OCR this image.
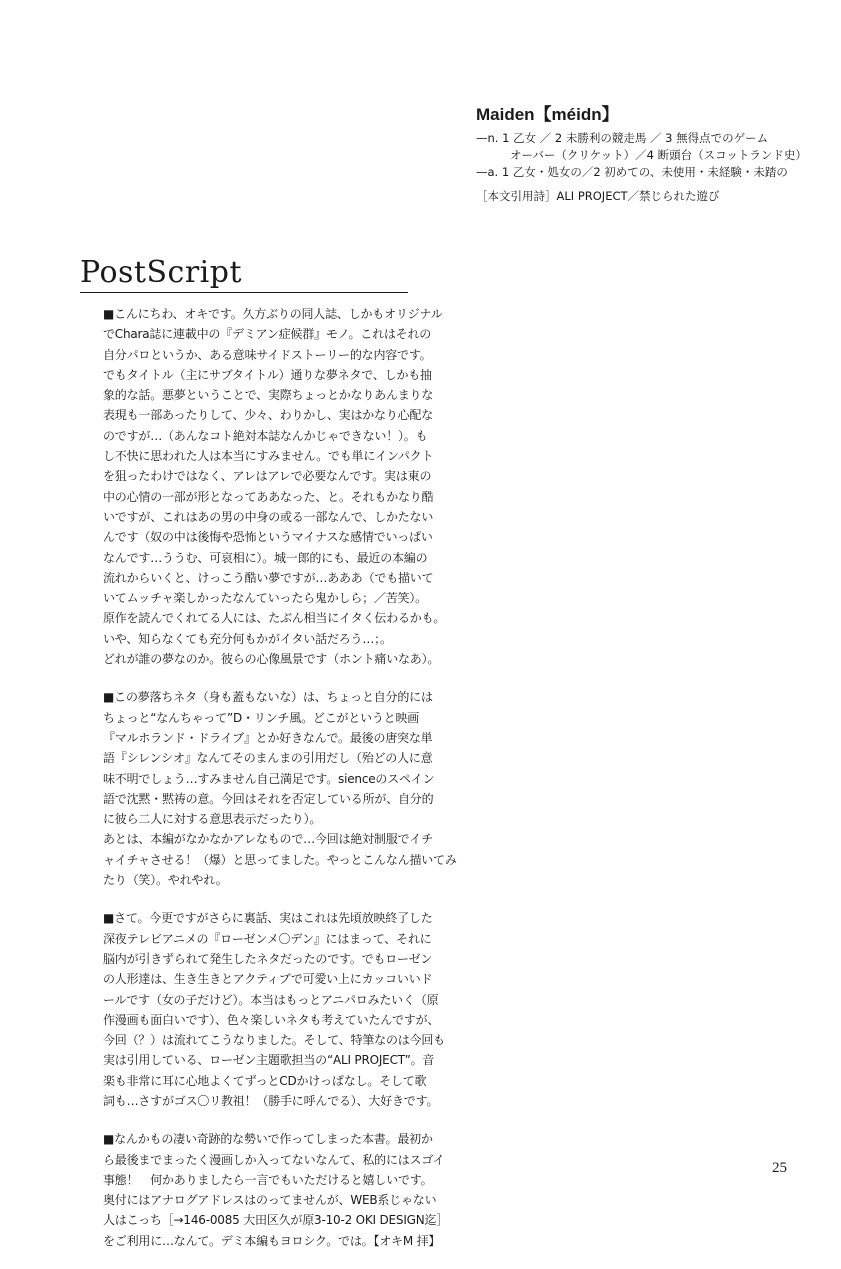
Maiden【méidn】
—n. 1 乙女 ／ 2 未勝利の競走馬 ／ 3 無得点でのゲーム
オーバー（クリケット）／4 断頭台（スコットランド史）
—a. 1 乙女・処女の／2 初めての、未使用・未経験・未踏の
［本文引用詩］ALI PROJECT／禁じられた遊び
PostScript
■こんにちわ、オキです。久方ぶりの同人誌、しかもオリジナル
でChara誌に連載中の『デミアン症候群』モノ。これはそれの
自分パロというか、ある意味サイドストーリー的な内容です。
でもタイトル（主にサブタイトル）通りな夢ネタで、しかも抽
象的な話。悪夢ということで、実際ちょっとかなりあんまりな
表現も一部あったりして、少々、わりかし、実はかなり心配な
のですが…（あんなコト絶対本誌なんかじゃできない！）。も
し不快に思われた人は本当にすみません。でも単にインパクト
を狙ったわけではなく、アレはアレで必要なんです。実は東の
中の心情の一部が形となってああなった、と。それもかなり酷
いですが、これはあの男の中身の或る一部なんで、しかたない
んです（奴の中は後悔や恐怖というマイナスな感情でいっぱい
なんです…ううむ、可哀相に）。城一郎的にも、最近の本編の
流れからいくと、けっこう酷い夢ですが…あああ（でも描いて
いてムッチャ楽しかったなんていったら鬼かしら；／苦笑）。
原作を読んでくれてる人には、たぶん相当にイタく伝わるかも。
いや、知らなくても充分何もかがイタい話だろう…；。
どれが誰の夢なのか。彼らの心像風景です（ホント痛いなあ）。
■この夢落ちネタ（身も蓋もないな）は、ちょっと自分的には
ちょっと“なんちゃって”D・リンチ風。どこがというと映画
『マルホランド・ドライブ』とか好きなんで。最後の唐突な単
語『シレンシオ』なんてそのまんまの引用だし（殆どの人に意
味不明でしょう…すみません自己満足です。sienceのスペイン
語で沈黙・黙祷の意。今回はそれを否定している所が、自分的
に彼ら二人に対する意思表示だったり）。
あとは、本編がなかなかアレなもので…今回は絶対制服でイチ
ャイチャさせる！（爆）と思ってました。やっとこんなん描いてみ
たり（笑）。やれやれ。
■さて。今更ですがさらに裏話、実はこれは先頃放映終了した
深夜テレビアニメの『ローゼンメ〇デン』にはまって、それに
脳内が引きずられて発生したネタだったのです。でもローゼン
の人形達は、生き生きとアクティブで可愛い上にカッコいいド
ールです（女の子だけど）。本当はもっとアニパロみたいく（原
作漫画も面白いです）、色々楽しいネタも考えていたんですが、
今回（？）は流れてこうなりました。そして、特筆なのは今回も
実は引用している、ローゼン主題歌担当の“ALI PROJECT”。音
楽も非常に耳に心地よくてずっとCDかけっぱなし。そして歌
詞も…さすがゴス〇リ教祖！（勝手に呼んでる）、大好きです。
■なんかもの凄い奇跡的な勢いで作ってしまった本書。最初か
ら最後までまったく漫画しか入ってないなんて、私的にはスゴイ
事態！　何かありましたら一言でもいただけると嬉しいです。
奥付にはアナログアドレスはのってませんが、WEB系じゃない
人はこっち［→146-0085 大田区久が原3-10-2 OKI DESIGN迄］
をご利用に…なんて。デミ本編もヨロシク。では。【オキM 拝】
25
